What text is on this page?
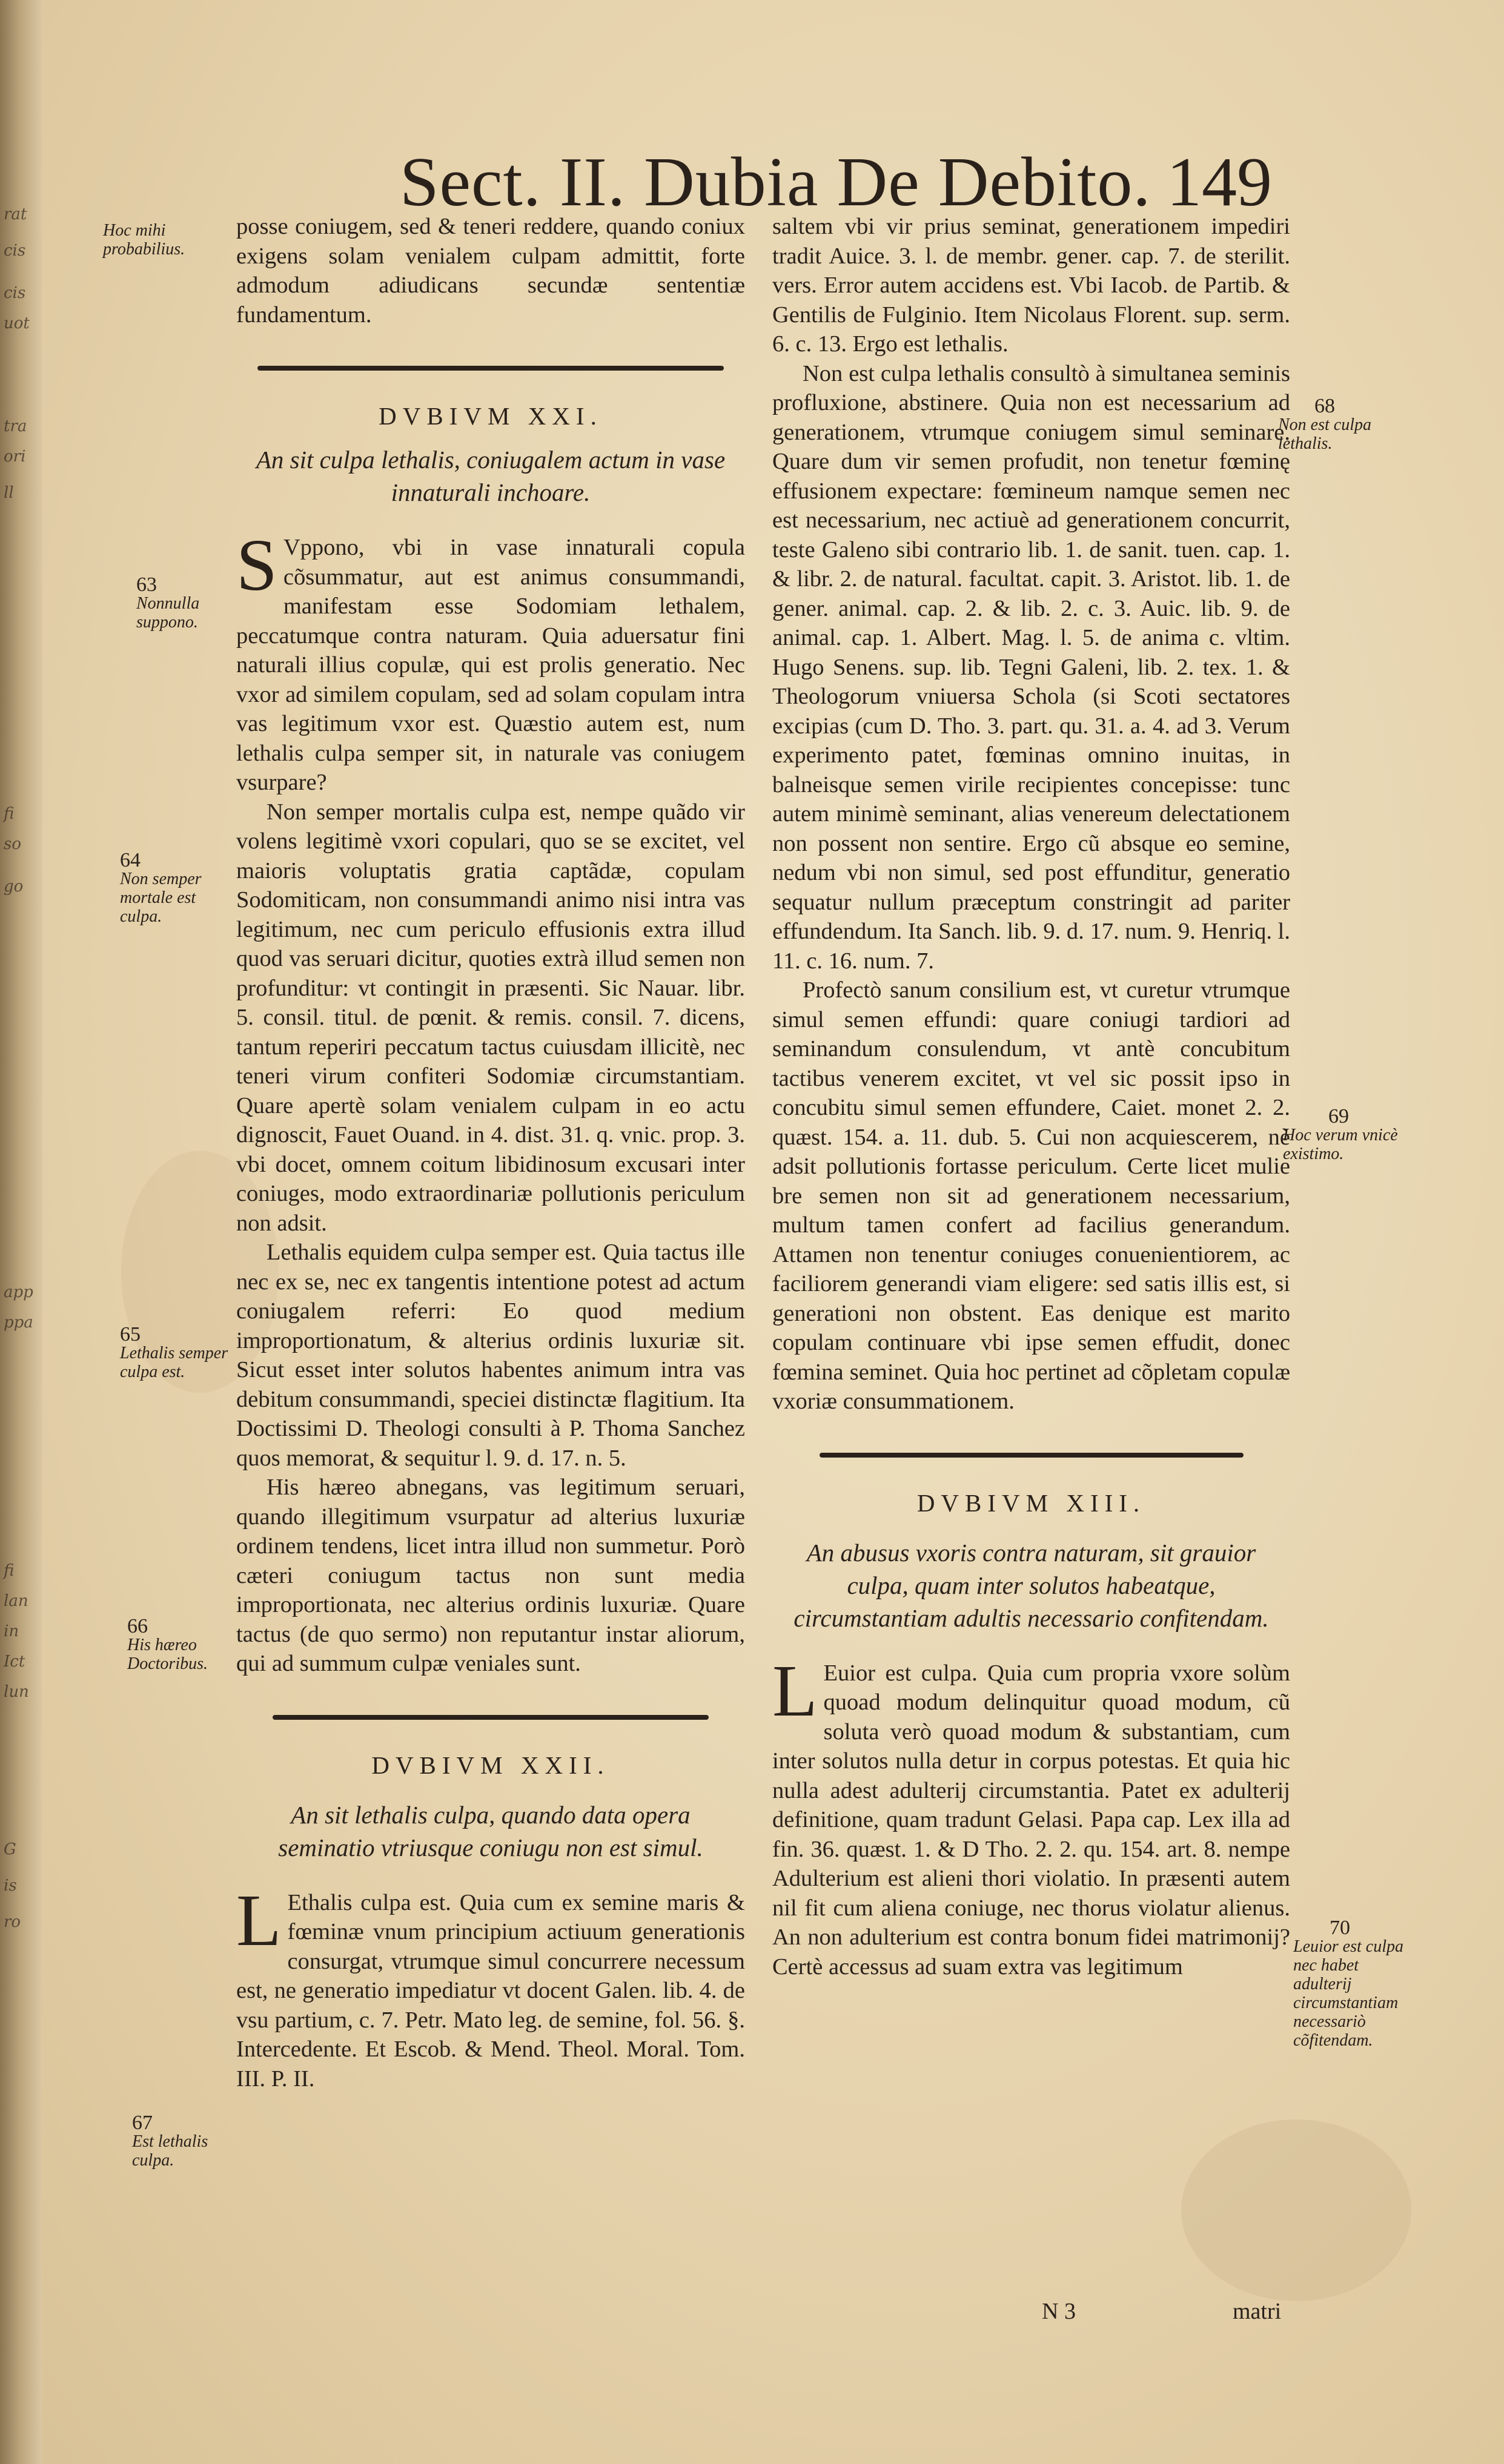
rat
cis
cis
uot
tra
ori
ll
fi
so
go
app
ppa
fi
lan
in
Ict
lun
G
is
ro
Sect. II. Dubia De Debito. 149
Hoc mihi probabilius.
63
Nonnulla suppono.
64
Non semper mortale est culpa.
65
Lethalis semper culpa est.
66
His hæreo Doctoribus.
67
Est lethalis culpa.
68
Non est culpa lethalis.
69
Hoc verum vnicè existimo.
70
Leuior est culpa nec habet adulterij circumstantiam necessariò cõfitendam.

posse coniugem, sed & teneri reddere, quando coniux exigens solam venialem culpam admittit, forte admodum adiudicans secundæ sententiæ fundamentum.

DVBIVM XXI.

An sit culpa lethalis, coniugalem actum in vase innaturali inchoare.

S Vppono, vbi in vase innaturali copula cõsummatur, aut est animus consummandi, manifestam esse Sodomiam lethalem, peccatumque contra naturam. Quia aduersatur fini naturali illius copulæ, qui est prolis generatio. Nec vxor ad similem copulam, sed ad solam copulam intra vas legitimum vxor est. Quæstio autem est, num lethalis culpa semper sit, in naturale vas coniugem vsurpare?

Non semper mortalis culpa est, nempe quãdo vir volens legitimè vxori copulari, quo se se excitet, vel maioris voluptatis gratia captãdæ, copulam Sodomiticam, non consummandi animo nisi intra vas legitimum, nec cum periculo effusionis extra illud quod vas seruari dicitur, quoties extrà illud semen non profunditur: vt contingit in præsenti. Sic Nauar. libr. 5. consil. titul. de pœnit. & remis. consil. 7. dicens, tantum reperiri peccatum tactus cuiusdam illicitè, nec teneri virum confiteri Sodomiæ circumstantiam. Quare apertè solam venialem culpam in eo actu dignoscit, Fauet Ouand. in 4. dist. 31. q. vnic. prop. 3. vbi docet, omnem coitum libidinosum excusari inter coniuges, modo extraordinariæ pollutionis periculum non adsit.

Lethalis equidem culpa semper est. Quia tactus ille nec ex se, nec ex tangentis intentione potest ad actum coniugalem referri: Eo quod medium improportionatum, & alterius ordinis luxuriæ sit. Sicut esset inter solutos habentes animum intra vas debitum consummandi, speciei distinctæ flagitium. Ita Doctissimi D. Theologi consulti à P. Thoma Sanchez quos memorat, & sequitur l. 9. d. 17. n. 5.

His hæreo abnegans, vas legitimum seruari, quando illegitimum vsurpatur ad alterius luxuriæ ordinem tendens, licet intra illud non summetur. Porò cæteri coniugum tactus non sunt media improportionata, nec alterius ordinis luxuriæ. Quare tactus (de quo sermo) non reputantur instar aliorum, qui ad summum culpæ veniales sunt.

DVBIVM XXII.

An sit lethalis culpa, quando data opera seminatio vtriusque coniugu non est simul.

L Ethalis culpa est. Quia cum ex semine maris & fœminæ vnum principium actiuum generationis consurgat, vtrumque simul concurrere necessum est, ne generatio impediatur vt docent Galen. lib. 4. de vsu partium, c. 7. Petr. Mato leg. de semine, fol. 56. §. Intercedente. Et Escob. & Mend. Theol. Moral. Tom. III. P. II.

saltem vbi vir prius seminat, generationem impediri tradit Auice. 3. l. de membr. gener. cap. 7. de sterilit. vers. Error autem accidens est. Vbi Iacob. de Partib. & Gentilis de Fulginio. Item Nicolaus Florent. sup. serm. 6. c. 13. Ergo est lethalis.

Non est culpa lethalis consultò à simultanea seminis profluxione, abstinere. Quia non est necessarium ad generationem, vtrumque coniugem simul seminare. Quare dum vir semen profudit, non tenetur fœminę effusionem expectare: fœmineum namque semen nec est necessarium, nec actiuè ad generationem concurrit, teste Galeno sibi contrario lib. 1. de sanit. tuen. cap. 1. & libr. 2. de natural. facultat. capit. 3. Aristot. lib. 1. de gener. animal. cap. 2. & lib. 2. c. 3. Auic. lib. 9. de animal. cap. 1. Albert. Mag. l. 5. de anima c. vltim. Hugo Senens. sup. lib. Tegni Galeni, lib. 2. tex. 1. & Theologorum vniuersa Schola (si Scoti sectatores excipias (cum D. Tho. 3. part. qu. 31. a. 4. ad 3. Verum experimento patet, fœminas omnino inuitas, in balneisque semen virile recipientes concepisse: tunc autem minimè seminant, alias venereum delectationem non possent non sentire. Ergo cũ absque eo semine, nedum vbi non simul, sed post effunditur, generatio sequatur nullum præceptum constringit ad pariter effundendum. Ita Sanch. lib. 9. d. 17. num. 9. Henriq. l. 11. c. 16. num. 7.

Profectò sanum consilium est, vt curetur vtrumque simul semen effundi: quare coniugi tardiori ad seminandum consulendum, vt antè concubitum tactibus venerem excitet, vt vel sic possit ipso in concubitu simul semen effundere, Caiet. monet 2. 2. quæst. 154. a. 11. dub. 5. Cui non acquiescerem, nè adsit pollutionis fortasse periculum. Certe licet mulie bre semen non sit ad generationem necessarium, multum tamen confert ad facilius generandum. Attamen non tenentur coniuges conuenientiorem, ac faciliorem generandi viam eligere: sed satis illis est, si generationi non obstent. Eas denique est marito copulam continuare vbi ipse semen effudit, donec fœmina seminet. Quia hoc pertinet ad cõpletam copulæ vxoriæ consummationem.

DVBIVM XIII.

An abusus vxoris contra naturam, sit grauior culpa, quam inter solutos habeatque, circumstantiam adultis necessario confitendam.

L Euior est culpa. Quia cum propria vxore solùm quoad modum delinquitur quoad modum, cũ soluta verò quoad modum & substantiam, cum inter solutos nulla detur in corpus potestas. Et quia hic nulla adest adulterij circumstantia. Patet ex adulterij definitione, quam tradunt Gelasi. Papa cap. Lex illa ad fin. 36. quæst. 1. & D Tho. 2. 2. qu. 154. art. 8. nempe Adulterium est alieni thori violatio. In præsenti autem nil fit cum aliena coniuge, nec thorus violatur alienus. An non adulterium est contra bonum fidei matrimonij? Certè accessus ad suam extra vas legitimum

N 3	matri
